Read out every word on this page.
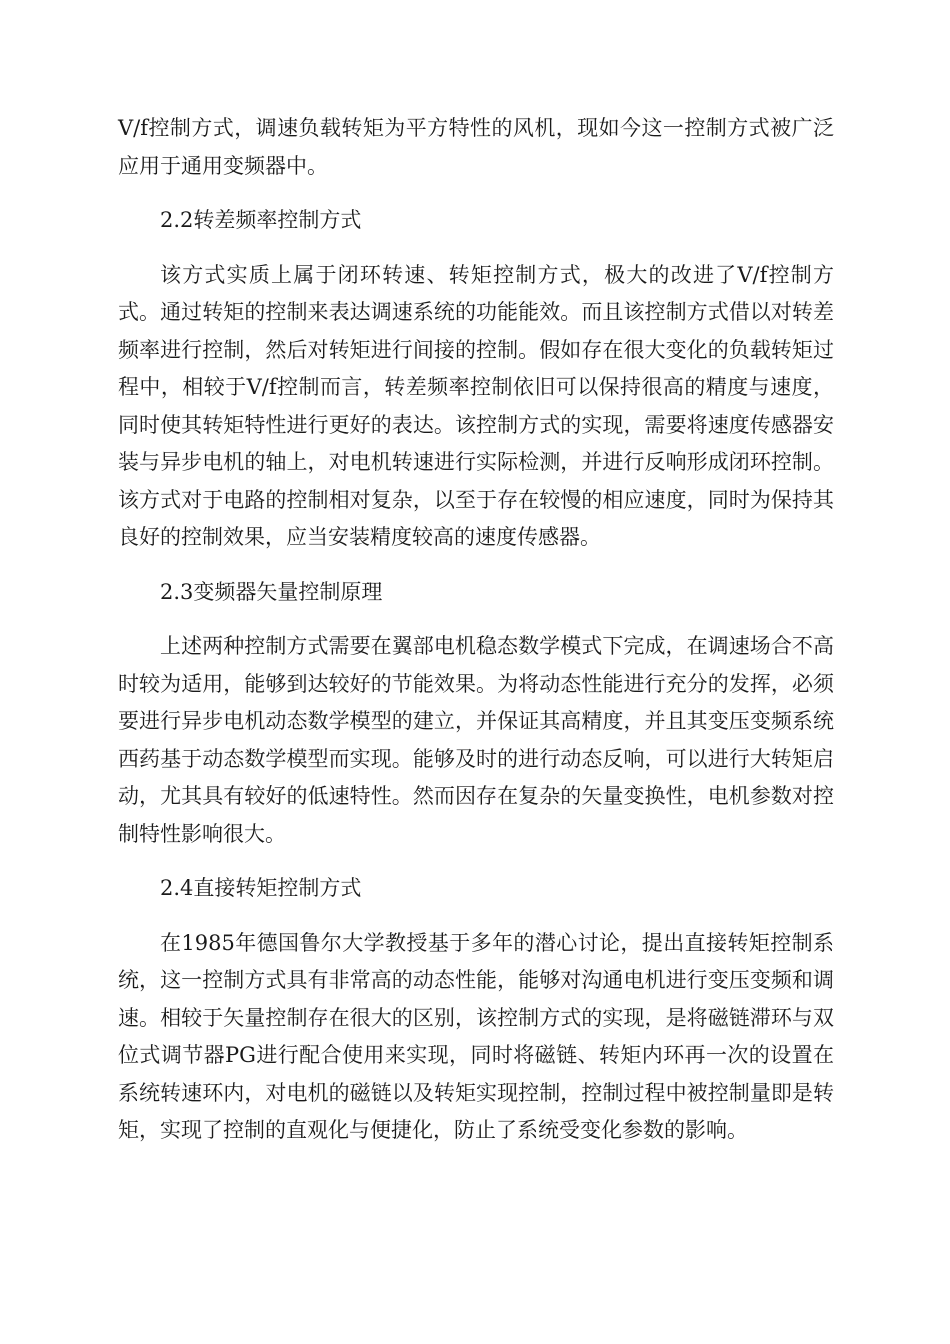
V/f控制方式，调速负载转矩为平方特性的风机，现如今这一控制方式被广泛应用于通用变频器中。

2.2转差频率控制方式

该方式实质上属于闭环转速、转矩控制方式，极大的改进了V/f控制方式。通过转矩的控制来表达调速系统的功能能效。而且该控制方式借以对转差频率进行控制，然后对转矩进行间接的控制。假如存在很大变化的负载转矩过程中，相较于V/f控制而言，转差频率控制依旧可以保持很高的精度与速度，同时使其转矩特性进行更好的表达。该控制方式的实现，需要将速度传感器安装与异步电机的轴上，对电机转速进行实际检测，并进行反响形成闭环控制。该方式对于电路的控制相对复杂，以至于存在较慢的相应速度，同时为保持其良好的控制效果，应当安装精度较高的速度传感器。

2.3变频器矢量控制原理

上述两种控制方式需要在翼部电机稳态数学模式下完成，在调速场合不高时较为适用，能够到达较好的节能效果。为将动态性能进行充分的发挥，必须要进行异步电机动态数学模型的建立，并保证其高精度，并且其变压变频系统西药基于动态数学模型而实现。能够及时的进行动态反响，可以进行大转矩启动，尤其具有较好的低速特性。然而因存在复杂的矢量变换性，电机参数对控制特性影响很大。

2.4直接转矩控制方式

在1985年德国鲁尔大学教授基于多年的潜心讨论，提出直接转矩控制系统，这一控制方式具有非常高的动态性能，能够对沟通电机进行变压变频和调速。相较于矢量控制存在很大的区别，该控制方式的实现，是将磁链滞环与双位式调节器PG进行配合使用来实现，同时将磁链、转矩内环再一次的设置在系统转速环内，对电机的磁链以及转矩实现控制，控制过程中被控制量即是转矩，实现了控制的直观化与便捷化，防止了系统受变化参数的影响。
